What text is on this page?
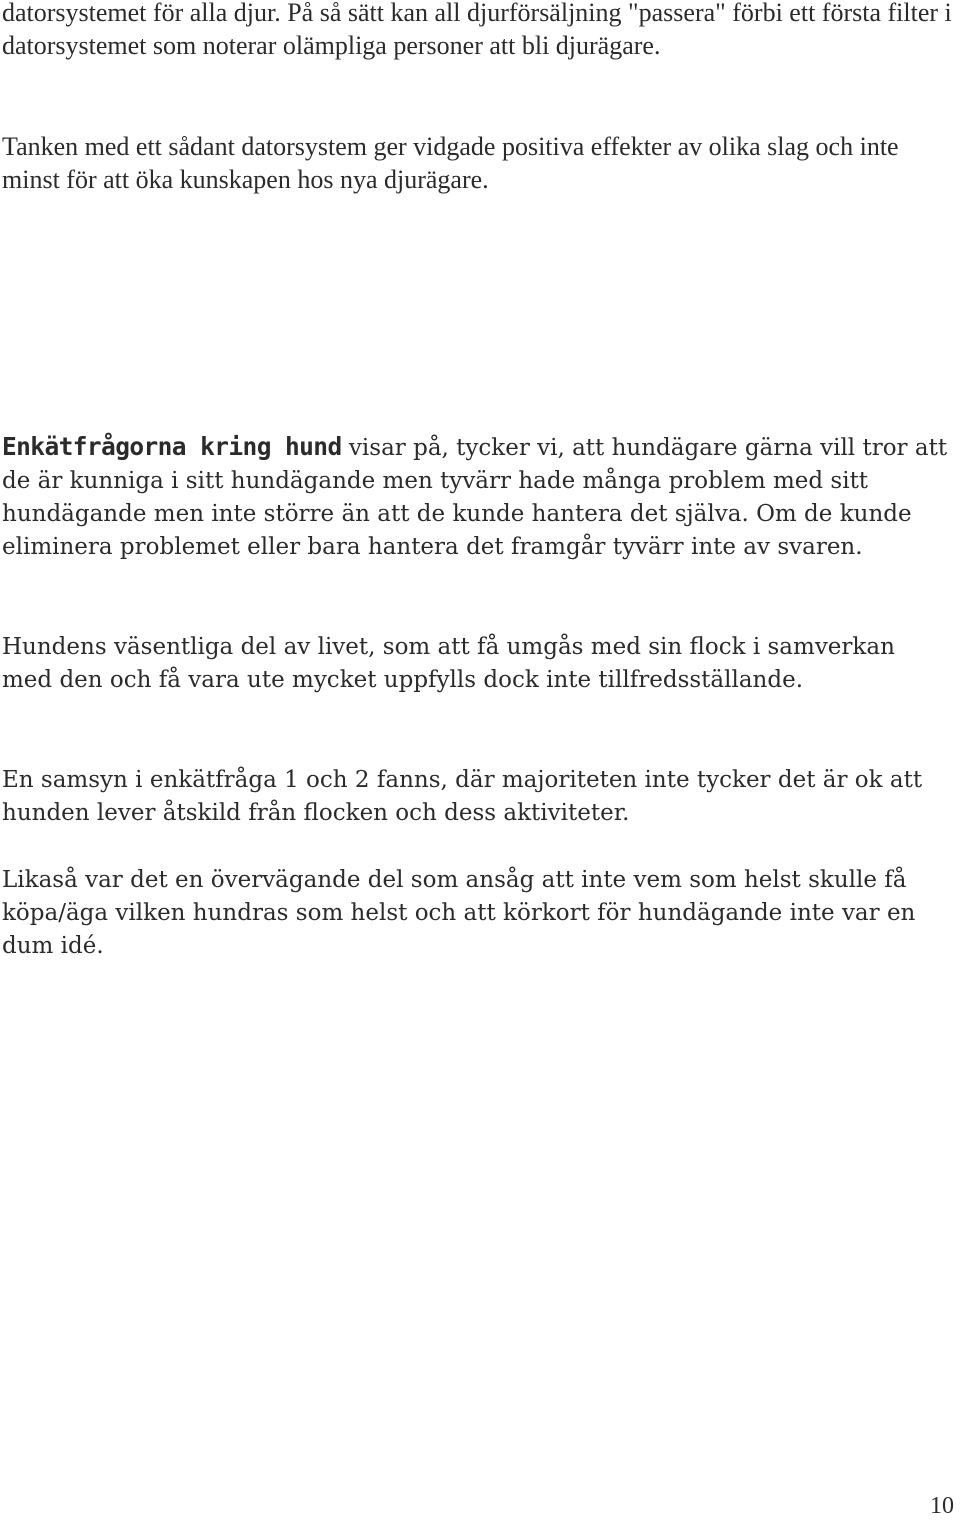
datorsystemet för alla djur. På så sätt kan all djurförsäljning "passera" förbi ett första filter i datorsystemet som noterar olämpliga personer att bli djurägare.

Tanken med ett sådant datorsystem ger vidgade positiva effekter av olika slag och inte minst för att öka kunskapen hos nya djurägare.

Enkätfrågorna kring hund visar på, tycker vi, att hundägare gärna vill tror att de är kunniga i sitt hundägande men tyvärr hade många problem med sitt hundägande men inte större än att de kunde hantera det själva. Om de kunde eliminera problemet eller bara hantera det framgår tyvärr inte av svaren.

Hundens väsentliga del av livet, som att få umgås med sin flock i samverkan med den och få vara ute mycket uppfylls dock inte tillfredsställande.

En samsyn i enkätfråga 1 och 2 fanns, där majoriteten inte tycker det är ok att hunden lever åtskild från flocken och dess aktiviteter.

Likaså var det en övervägande del som ansåg att inte vem som helst skulle få köpa/äga vilken hundras som helst och att körkort för hundägande inte var en dum idé.

10
